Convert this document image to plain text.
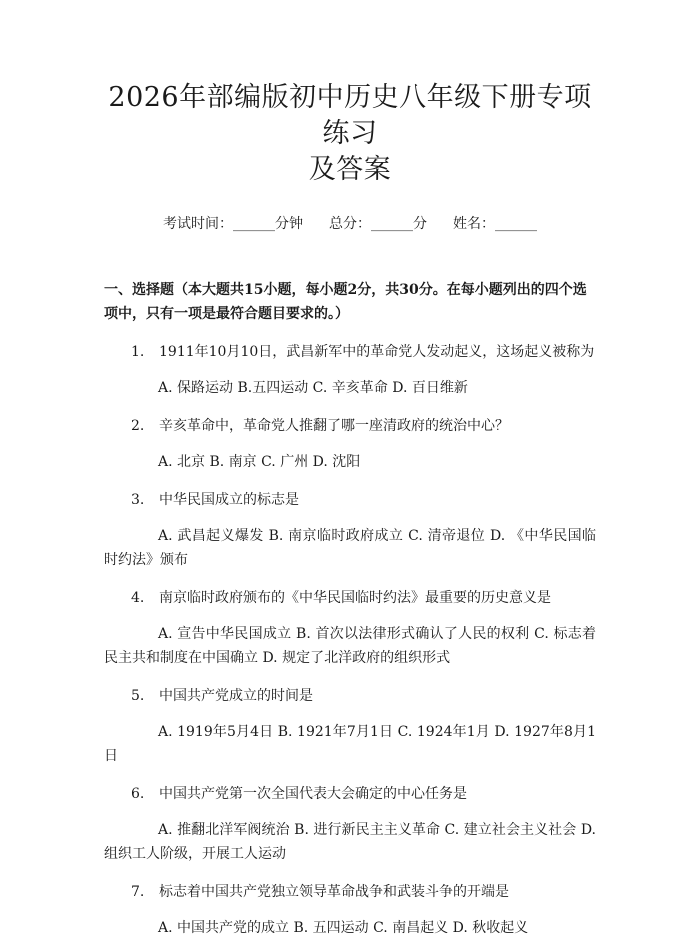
2026年部编版初中历史八年级下册专项练习
及答案
考试时间：______分钟 总分：______分 姓名：______
一、选择题（本大题共15小题，每小题2分，共30分。在每小题列出的四个选项中，只有一项是最符合题目要求的。）
1.	1911年10月10日，武昌新军中的革命党人发动起义，这场起义被称为
A. 保路运动 B.五四运动 C. 辛亥革命 D. 百日维新
2.	辛亥革命中，革命党人推翻了哪一座清政府的统治中心？
A. 北京 B. 南京 C. 广州 D. 沈阳
3.	中华民国成立的标志是
A. 武昌起义爆发 B. 南京临时政府成立 C. 清帝退位 D. 《中华民国临时约法》颁布
4.	南京临时政府颁布的《中华民国临时约法》最重要的历史意义是
A. 宣告中华民国成立 B. 首次以法律形式确认了人民的权利 C. 标志着民主共和制度在中国确立 D. 规定了北洋政府的组织形式
5.	中国共产党成立的时间是
A. 1919年5月4日 B. 1921年7月1日 C. 1924年1月 D. 1927年8月1日
6.	中国共产党第一次全国代表大会确定的中心任务是
A. 推翻北洋军阀统治 B. 进行新民主主义革命 C. 建立社会主义社会 D. 组织工人阶级，开展工人运动
7.	标志着中国共产党独立领导革命战争和武装斗争的开端是
A. 中国共产党的成立 B. 五四运动 C. 南昌起义 D. 秋收起义
